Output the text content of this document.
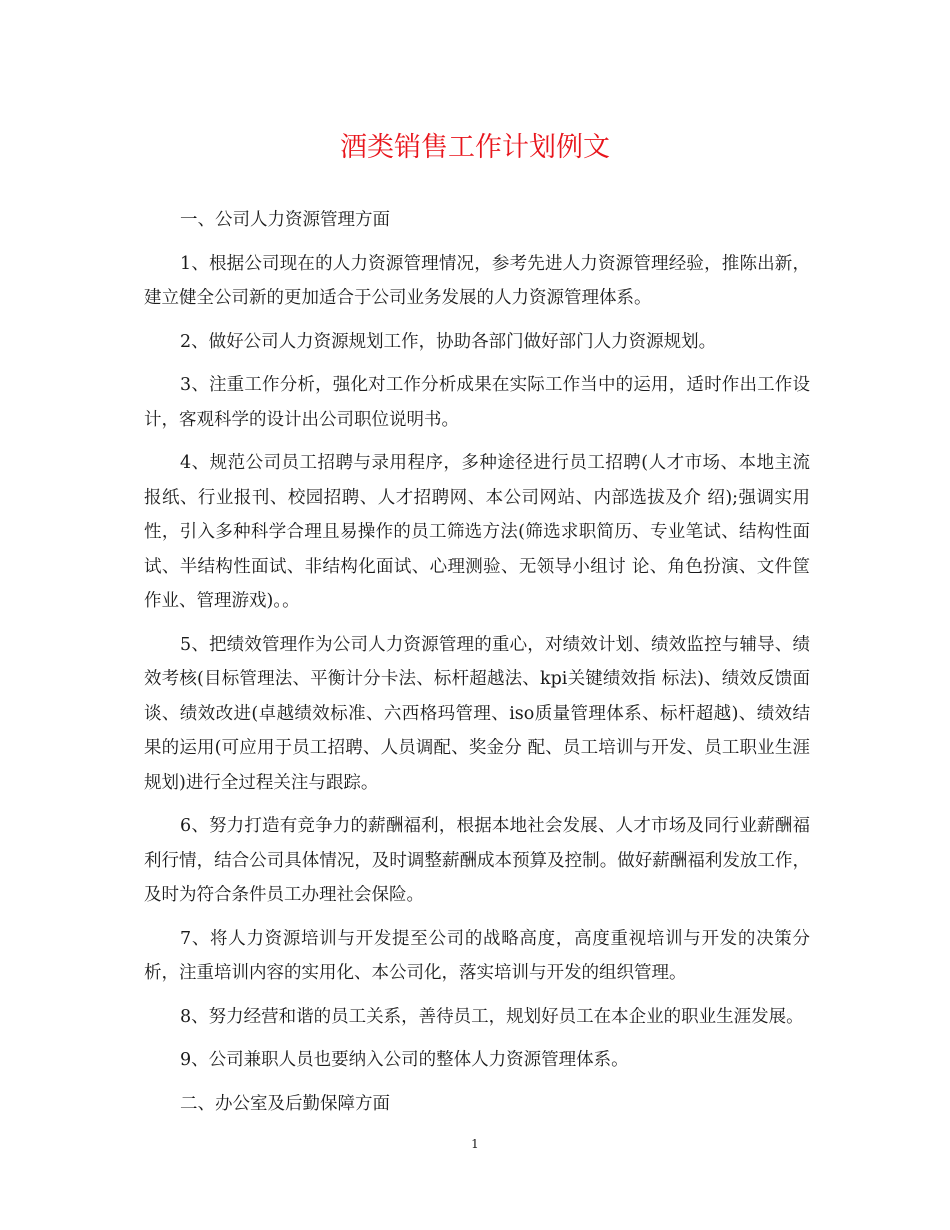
酒类销售工作计划例文

一、公司人力资源管理方面

1、根据公司现在的人力资源管理情况，参考先进人力资源管理经验，推陈出新，建立健全公司新的更加适合于公司业务发展的人力资源管理体系。

2、做好公司人力资源规划工作，协助各部门做好部门人力资源规划。

3、注重工作分析，强化对工作分析成果在实际工作当中的运用，适时作出工作设计，客观科学的设计出公司职位说明书。

4、规范公司员工招聘与录用程序，多种途径进行员工招聘(人才市场、本地主流报纸、行业报刊、校园招聘、人才招聘网、本公司网站、内部选拔及介 绍);强调实用性，引入多种科学合理且易操作的员工筛选方法(筛选求职简历、专业笔试、结构性面试、半结构性面试、非结构化面试、心理测验、无领导小组讨 论、角色扮演、文件筐作业、管理游戏)。。

5、把绩效管理作为公司人力资源管理的重心，对绩效计划、绩效监控与辅导、绩效考核(目标管理法、平衡计分卡法、标杆超越法、kpi关键绩效指 标法)、绩效反馈面谈、绩效改进(卓越绩效标准、六西格玛管理、iso质量管理体系、标杆超越)、绩效结果的运用(可应用于员工招聘、人员调配、奖金分 配、员工培训与开发、员工职业生涯规划)进行全过程关注与跟踪。

6、努力打造有竞争力的薪酬福利，根据本地社会发展、人才市场及同行业薪酬福利行情，结合公司具体情况，及时调整薪酬成本预算及控制。做好薪酬福利发放工作，及时为符合条件员工办理社会保险。

7、将人力资源培训与开发提至公司的战略高度，高度重视培训与开发的决策分析，注重培训内容的实用化、本公司化，落实培训与开发的组织管理。

8、努力经营和谐的员工关系，善待员工，规划好员工在本企业的职业生涯发展。

9、公司兼职人员也要纳入公司的整体人力资源管理体系。

二、办公室及后勤保障方面

1
